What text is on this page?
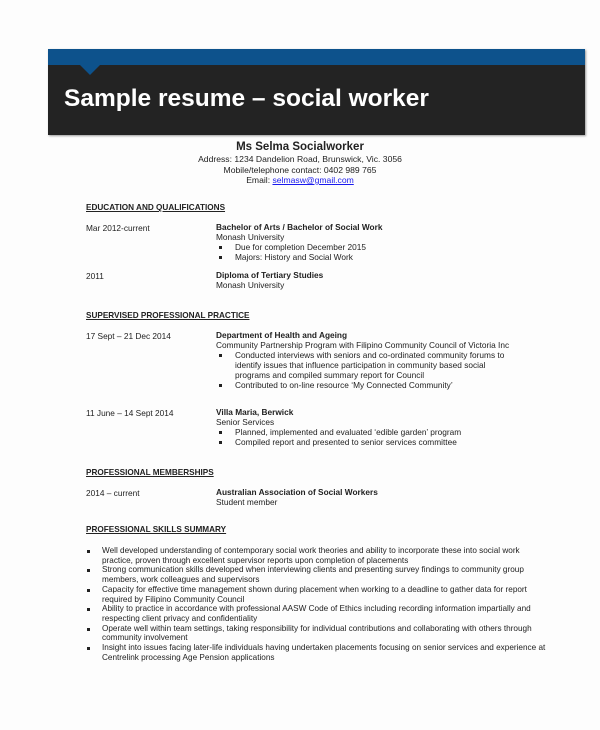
Sample resume – social worker
Ms Selma Socialworker
Address: 1234 Dandelion Road, Brunswick, Vic. 3056
Mobile/telephone contact: 0402 989 765
Email: selmasw@gmail.com
EDUCATION AND QUALIFICATIONS
Mar 2012-current	Bachelor of Arts / Bachelor of Social Work
Monash University
Due for completion December 2015
Majors: History and Social Work
2011	Diploma of Tertiary Studies
Monash University
SUPERVISED PROFESSIONAL PRACTICE
17 Sept – 21 Dec 2014	Department of Health and Ageing
Community Partnership Program with Filipino Community Council of Victoria Inc
Conducted interviews with seniors and co-ordinated community forums to identify issues that influence participation in community based social programs and compiled summary report for Council
Contributed to on-line resource ‘My Connected Community’
11 June – 14 Sept 2014	Villa Maria, Berwick
Senior Services
Planned, implemented and evaluated ‘edible garden’ program
Compiled report and presented to senior services committee
PROFESSIONAL MEMBERSHIPS
2014 – current	Australian Association of Social Workers
Student member
PROFESSIONAL SKILLS SUMMARY
Well developed understanding of contemporary social work theories and ability to incorporate these into social work practice, proven through excellent supervisor reports upon completion of placements
Strong communication skills developed when interviewing clients and presenting survey findings to community group members, work colleagues and supervisors
Capacity for effective time management shown during placement when working to a deadline to gather data for report required by Filipino Community Council
Ability to practice in accordance with professional AASW Code of Ethics including recording information impartially and respecting client privacy and confidentiality
Operate well within team settings, taking responsibility for individual contributions and collaborating with others through community involvement
Insight into issues facing later-life individuals having undertaken placements focusing on senior services and experience at Centrelink processing Age Pension applications
